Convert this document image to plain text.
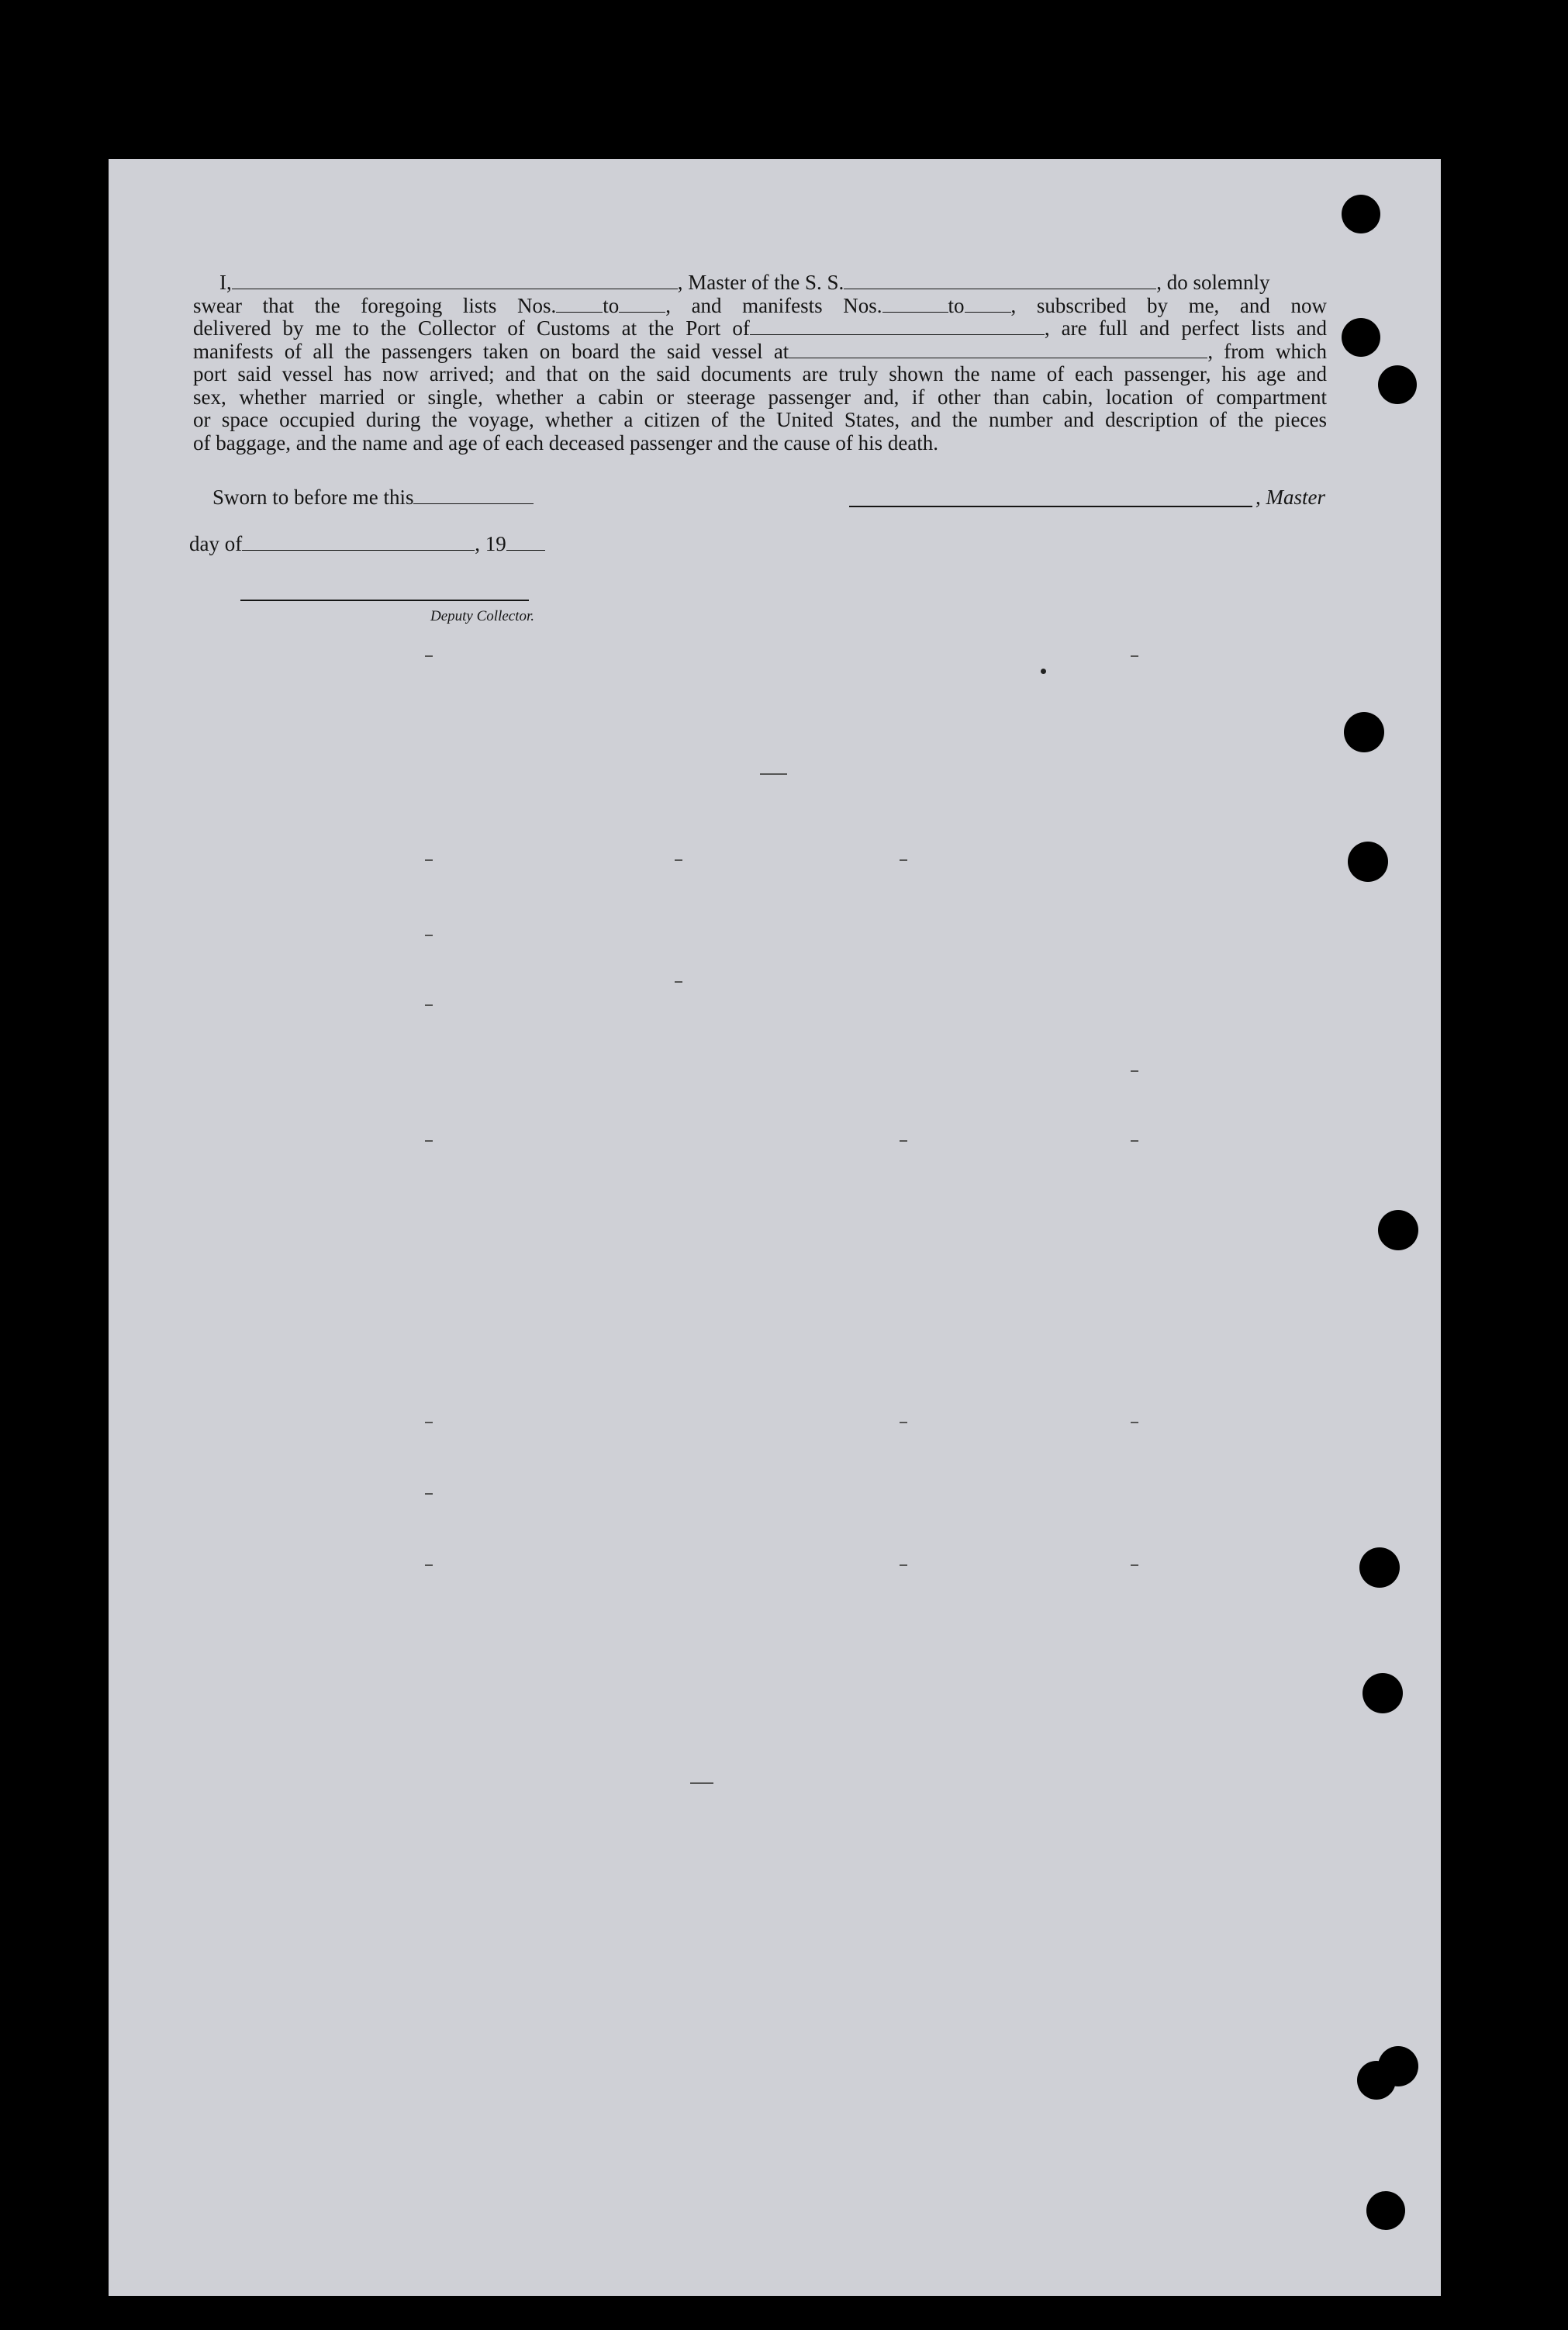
I,	, Master of the S. S.	, do solemnly
swear that the foregoing lists Nos. to , and manifests Nos.	to , subscribed by me, and now
delivered by me to the Collector of Customs at the Port of	, are full and perfect lists and
manifests of all the passengers taken on board the said vessel at	, from which
port said vessel has now arrived; and that on the said documents are truly shown the name of each passenger, his age and
sex, whether married or single, whether a cabin or steerage passenger and, if other than cabin, location of compartment
or space occupied during the voyage, whether a citizen of the United States, and the number and description of the pieces
of baggage, and the name and age of each deceased passenger and the cause of his death.
Sworn to before me this	, Master
day of	, 19
Deputy Collector.
